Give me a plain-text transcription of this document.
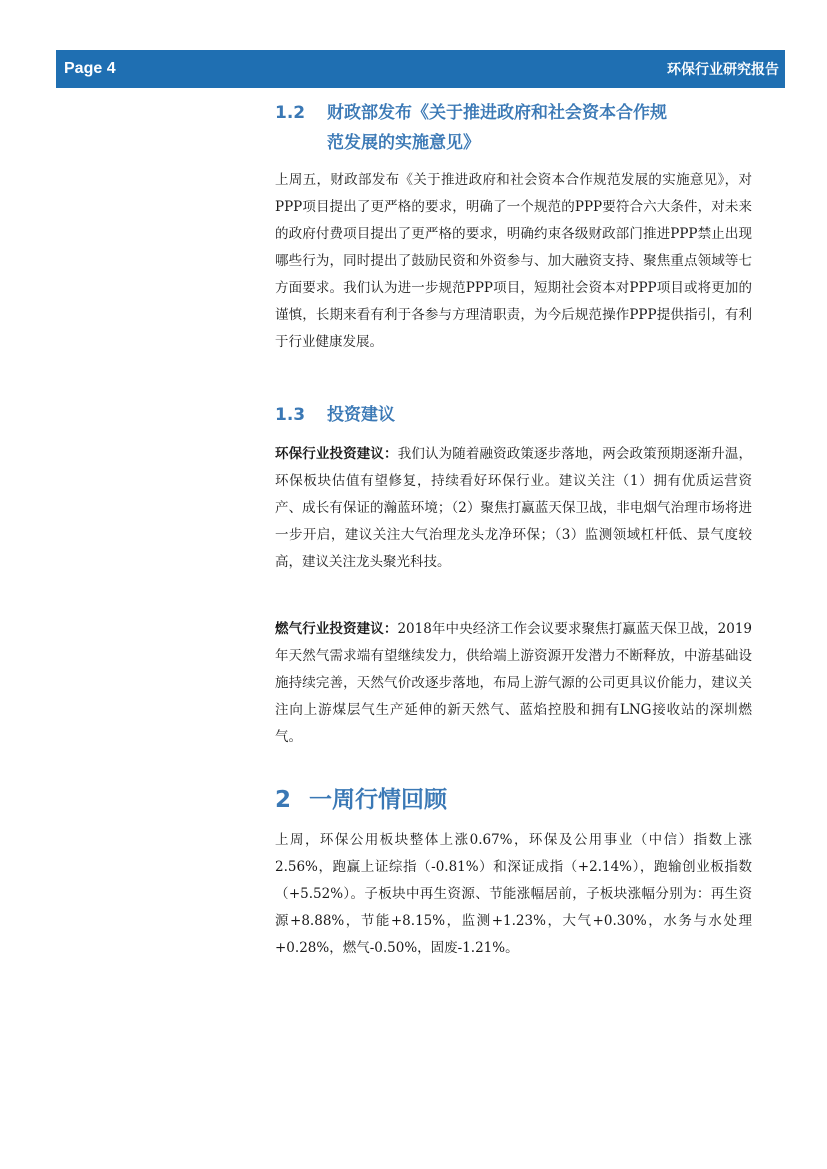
Page 4	环保行业研究报告
1.2 财政部发布《关于推进政府和社会资本合作规
范发展的实施意见》

上周五，财政部发布《关于推进政府和社会资本合作规范发展的实施意见》，对PPP项目提出了更严格的要求，明确了一个规范的PPP要符合六大条件，对未来的政府付费项目提出了更严格的要求，明确约束各级财政部门推进PPP禁止出现哪些行为，同时提出了鼓励民资和外资参与、加大融资支持、聚焦重点领域等七方面要求。我们认为进一步规范PPP项目，短期社会资本对PPP项目或将更加的谨慎，长期来看有利于各参与方理清职责，为今后规范操作PPP提供指引，有利于行业健康发展。

1.3 投资建议

环保行业投资建议：我们认为随着融资政策逐步落地，两会政策预期逐渐升温，环保板块估值有望修复，持续看好环保行业。建议关注（1）拥有优质运营资产、成长有保证的瀚蓝环境；（2）聚焦打赢蓝天保卫战，非电烟气治理市场将进一步开启，建议关注大气治理龙头龙净环保；（3）监测领域杠杆低、景气度较高，建议关注龙头聚光科技。

燃气行业投资建议：2018年中央经济工作会议要求聚焦打赢蓝天保卫战，2019年天然气需求端有望继续发力，供给端上游资源开发潜力不断释放，中游基础设施持续完善，天然气价改逐步落地，布局上游气源的公司更具议价能力，建议关注向上游煤层气生产延伸的新天然气、蓝焰控股和拥有LNG接收站的深圳燃气。

2 一周行情回顾

上周，环保公用板块整体上涨0.67%，环保及公用事业（中信）指数上涨2.56%，跑赢上证综指（-0.81%）和深证成指（+2.14%），跑输创业板指数（+5.52%）。子板块中再生资源、节能涨幅居前，子板块涨幅分别为：再生资源+8.88%，节能+8.15%，监测+1.23%，大气+0.30%，水务与水处理+0.28%，燃气-0.50%，固废-1.21%。
